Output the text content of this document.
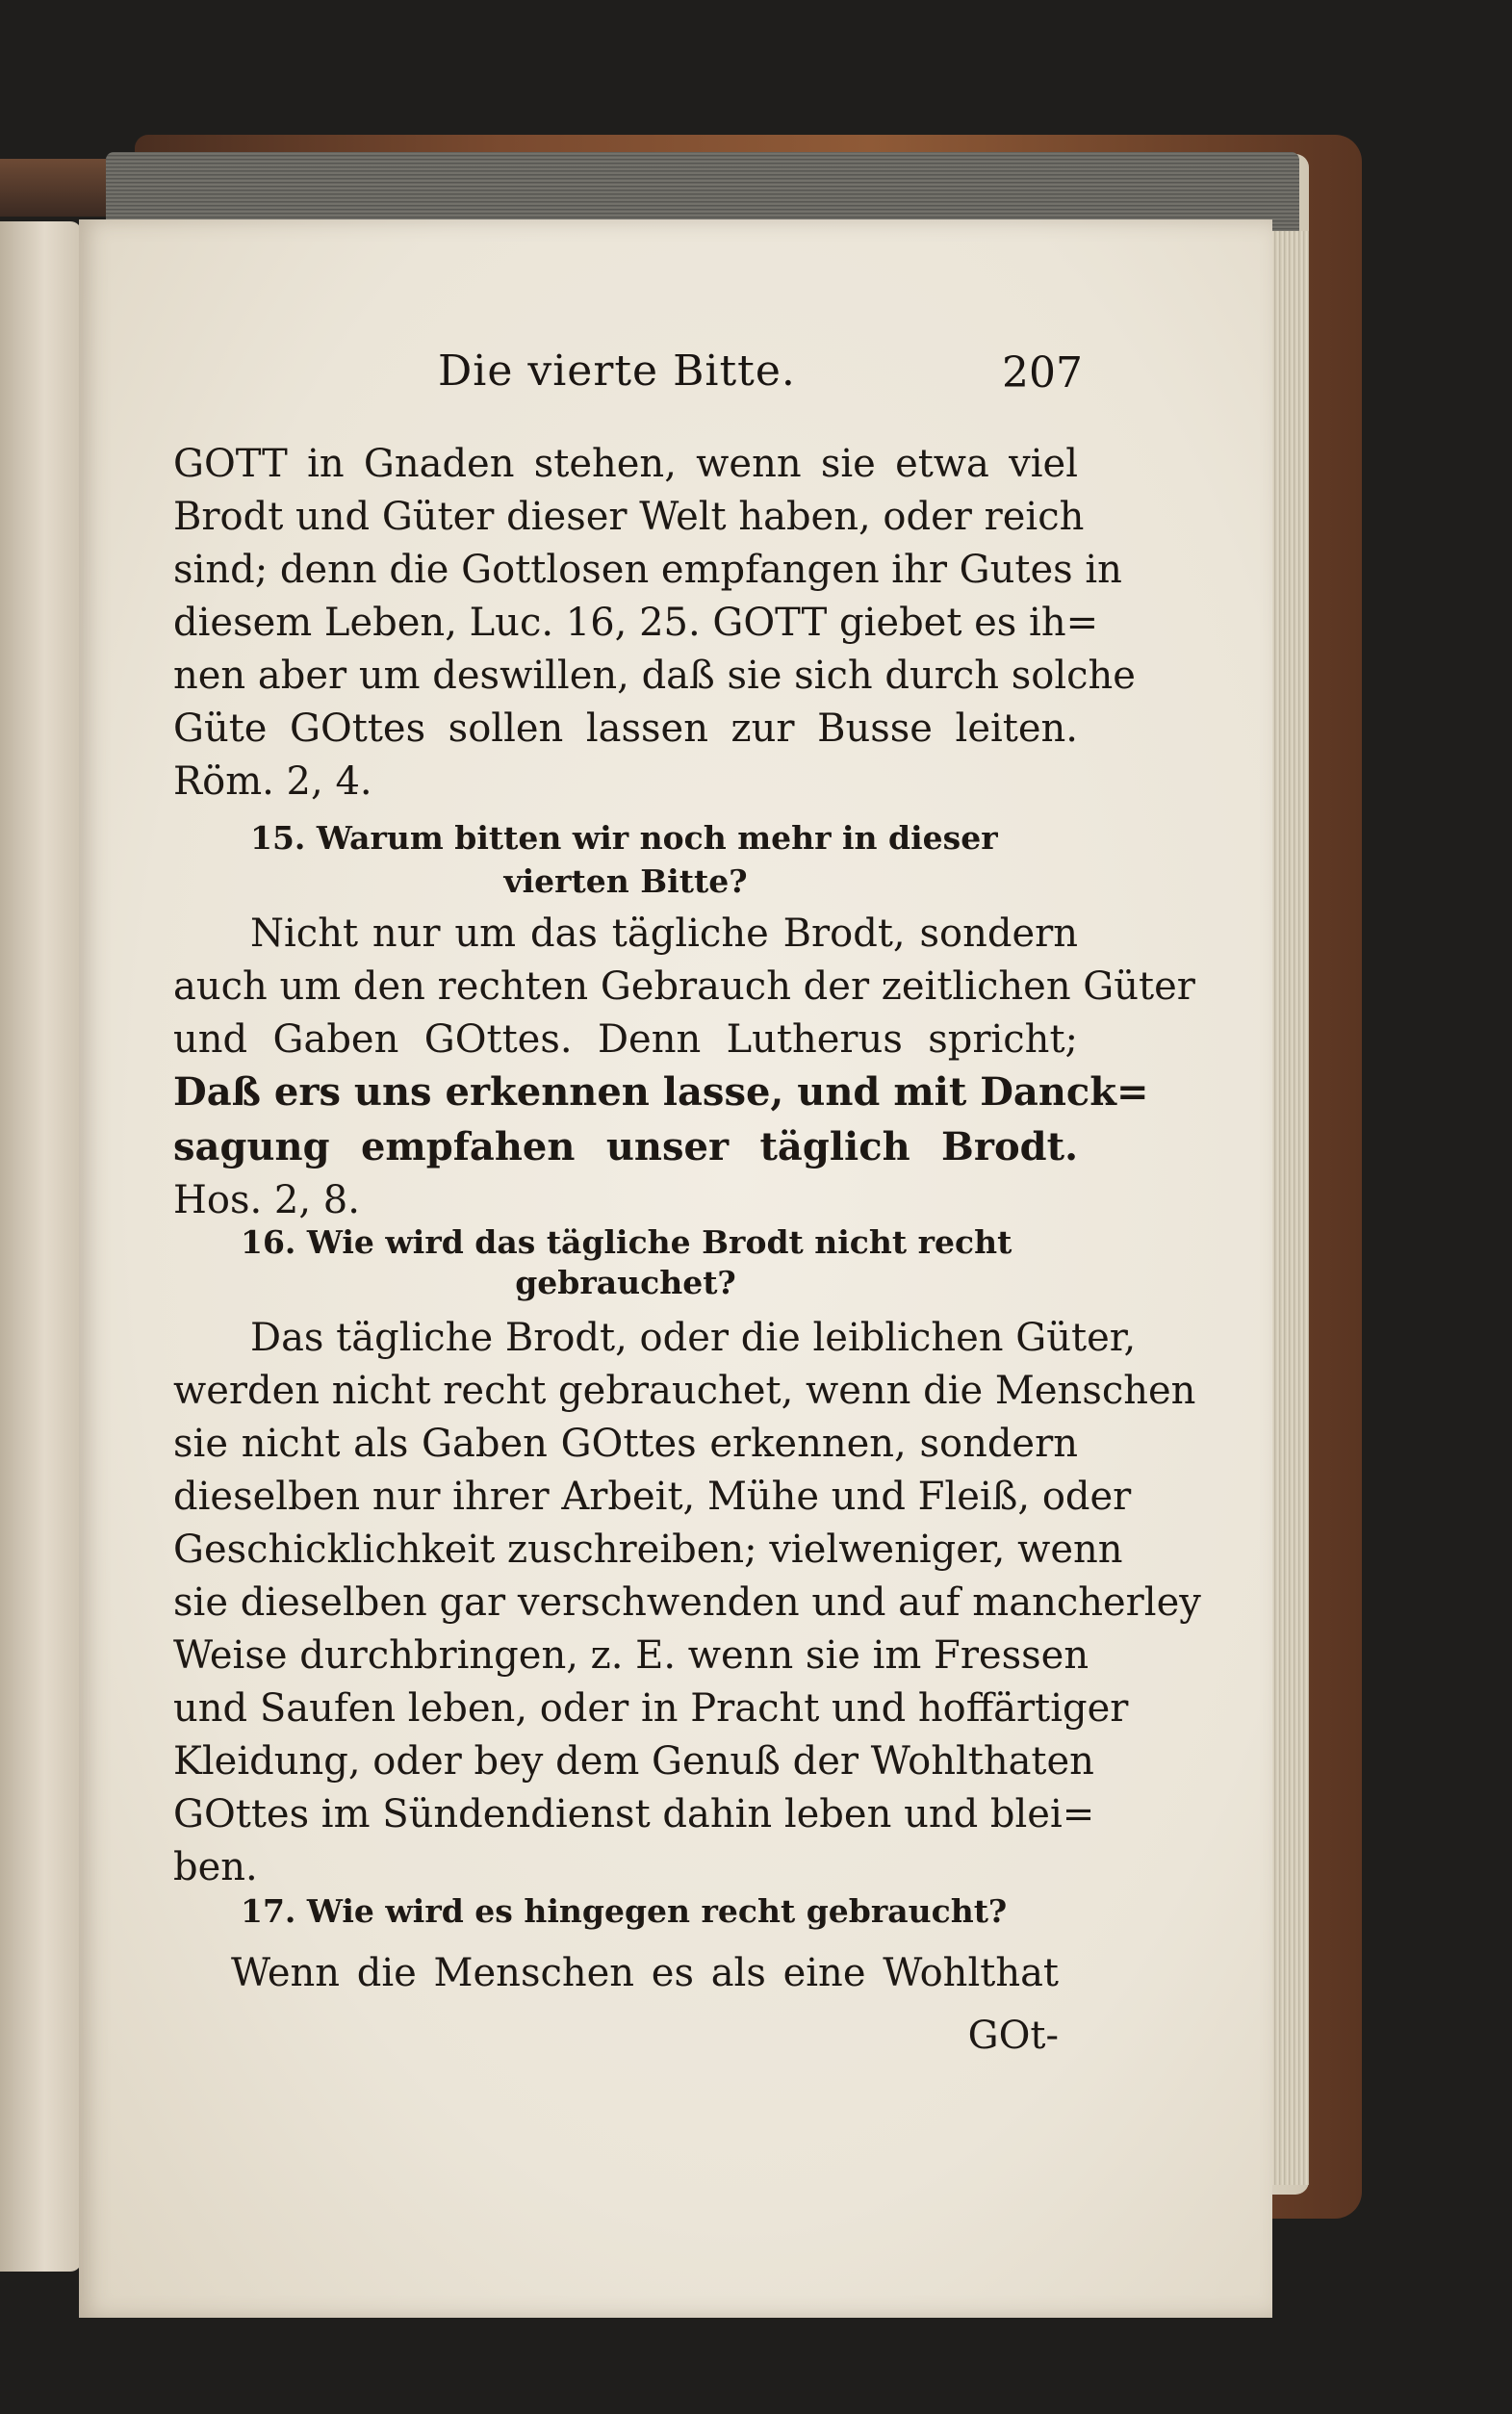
Die vierte Bitte.	207
GOTT in Gnaden stehen, wenn sie etwa viel
Brodt und Güter dieser Welt haben, oder reich
sind; denn die Gottlosen empfangen ihr Gutes in
diesem Leben, Luc. 16, 25. GOTT giebet es ih=
nen aber um deswillen, daß sie sich durch solche
Güte GOttes sollen lassen zur Busse leiten.
Röm. 2, 4.
15. Warum bitten wir noch mehr in dieser
vierten Bitte?
Nicht nur um das tägliche Brodt, sondern
auch um den rechten Gebrauch der zeitlichen Güter
und Gaben GOttes. Denn Lutherus spricht;
Daß ers uns erkennen lasse, und mit Danck=
sagung empfahen unser täglich Brodt.
Hos. 2, 8.
16. Wie wird das tägliche Brodt nicht recht
gebrauchet?
Das tägliche Brodt, oder die leiblichen Güter,
werden nicht recht gebrauchet, wenn die Menschen
sie nicht als Gaben GOttes erkennen, sondern
dieselben nur ihrer Arbeit, Mühe und Fleiß, oder
Geschicklichkeit zuschreiben; vielweniger, wenn
sie dieselben gar verschwenden und auf mancherley
Weise durchbringen, z. E. wenn sie im Fressen
und Saufen leben, oder in Pracht und hoffärtiger
Kleidung, oder bey dem Genuß der Wohlthaten
GOttes im Sündendienst dahin leben und blei=
ben.
17. Wie wird es hingegen recht gebraucht?
Wenn die Menschen es als eine Wohlthat
GOt-
